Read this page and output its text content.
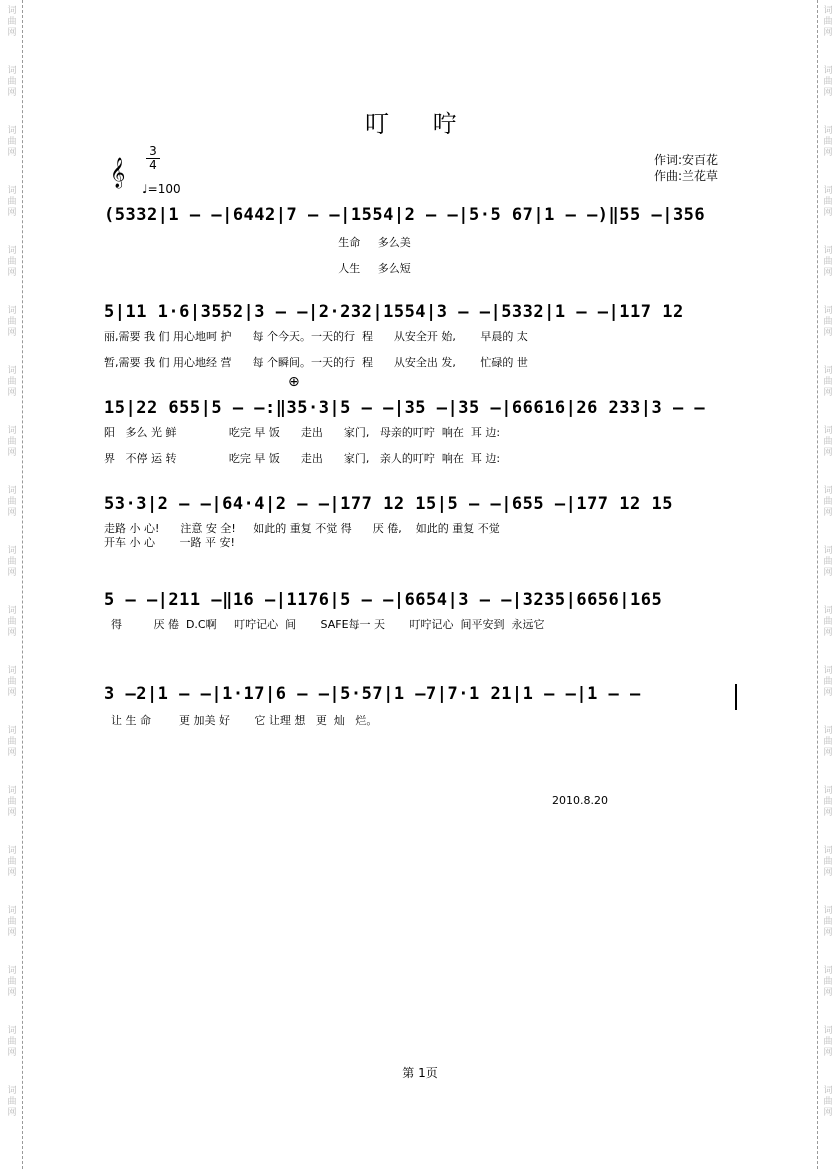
词
曲
网
词
曲
网
词
曲
网
词
曲
网
词
曲
网
词
曲
网
词
曲
网
词
曲
网
词
曲
网
词
曲
网
词
曲
网
词
曲
网
词
曲
网
词
曲
网
词
曲
网
词
曲
网
词
曲
网
词
曲
网
词
曲
网
词
曲
网
词
曲
网
词
曲
网
词
曲
网
词
曲
网
词
曲
网
词
曲
网
词
曲
网
词
曲
网
词
曲
网
词
曲
网
词
曲
网
词
曲
网
词
曲
网
词
曲
网
词
曲
网
词
曲
网
词
曲
网
词
曲
网
叮 咛
作词:安百花
作曲:兰花草
𝄞
3
4
♩=100
(5332|1 — —|6442|7 — —|1554|2 — —|5·5 67|1 — —)‖55 —|356
生命     多么美
人生     多么短
5|11 1·6|3552|3 — —|2·232|1554|3 — —|5332|1 — —|117 12
丽,需要 我 们 用心地呵 护      每 个今天。一天的行  程      从安全开 始,       早晨的 太
暂,需要 我 们 用心地经 营      每 个瞬间。一天的行  程      从安全出 发,       忙碌的 世
⊕
15|22 655|5 — —:‖35·3|5 — —|35 —|35 —|66616|26 233|3 — —
阳   多么 光 鲜               吃完 早 饭      走出      家门,   母亲的叮咛  响在  耳 边:
界   不停 运 转               吃完 早 饭      走出      家门,   亲人的叮咛  响在  耳 边:
53·3|2 — —|64·4|2 — —|177 12 15|5 — —|655 —|177 12 15
走路 小 心!      注意 安 全!     如此的 重复 不觉 得      厌 倦,    如此的 重复 不觉
开车 小 心       一路 平 安!
5 — —|211 —‖16 —|1176|5 — —|6654|3 — —|3235|6656|165
得         厌 倦  D.C啊     叮咛记心  间       SAFE每一 天       叮咛记心  间平安到  永远它
3 —2|1 — —|1·17|6 — —|5·57|1 —7|7·1 21|1 — —|1 — —
让 生 命        更 加美 好       它 让理 想   更  灿   烂。
2010.8.20
第 1页
